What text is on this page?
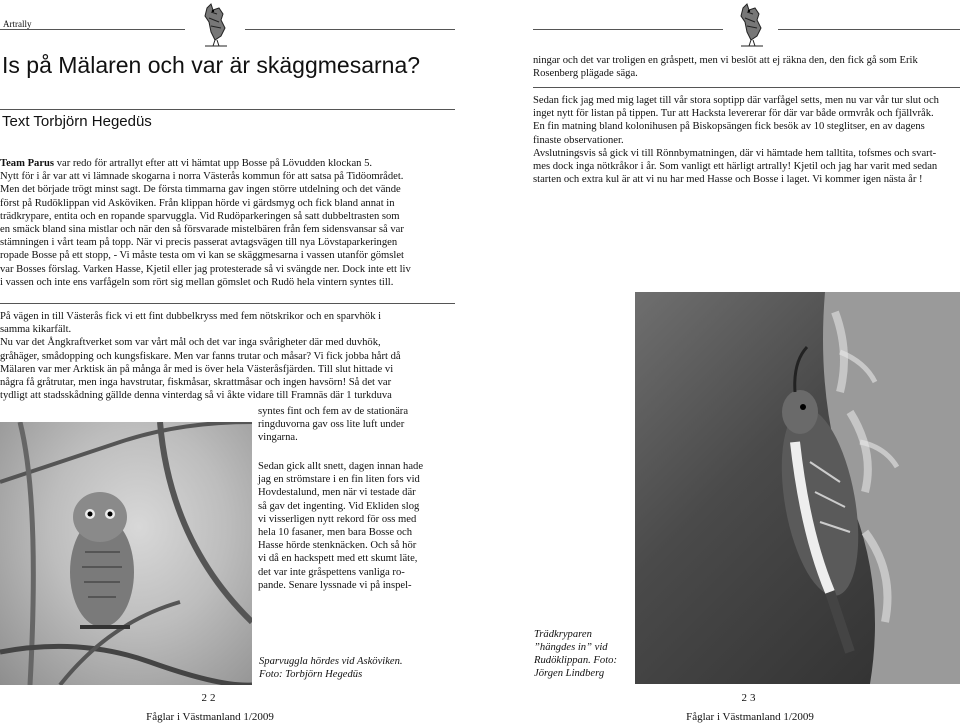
Artrally
Is på Mälaren och var är skäggmesarna?
Text Torbjörn Hegedüs
Team Parus var redo för artrallyt efter att vi hämtat upp Bosse på Lövudden klockan 5.
Nytt för i år var att vi lämnade skogarna i norra Västerås kommun för att satsa på Tidöområdet.
Men det började trögt minst sagt. De första timmarna gav ingen större utdelning och det vände
först på Rudöklippan vid Asköviken. Från klippan hörde vi gärdsmyg och fick bland annat in
trädkrypare, entita och en ropande sparvuggla. Vid Rudöparkeringen så satt dubbeltrasten som
en smäck bland sina mistlar och när den så försvarade mistelbären från fem sidensvansar så var
stämningen i vårt team på topp. När vi precis passerat avtagsvägen till nya Lövstaparkeringen
ropade Bosse på ett stopp, - Vi måste testa om vi kan se skäggmesarna i vassen utanför gömslet
var Bosses förslag. Varken Hasse, Kjetil eller jag protesterade så vi svängde ner. Dock inte ett liv
i vassen och inte ens varfågeln som rört sig mellan gömslet och Rudö hela vintern syntes till.
På vägen in till Västerås fick vi ett fint dubbelkryss med fem nötskrikor och en sparvhök i
samma kikarfält.
Nu var det Ångkraftverket som var vårt mål och det var inga svårigheter där med duvhök,
gråhäger, smådopping och kungsfiskare. Men var fanns trutar och måsar? Vi fick jobba hårt då
Mälaren var mer Arktisk än på många år med is över hela Västeråsfjärden. Till slut hittade vi
några få gråtrutar, men inga havstrutar, fiskmåsar, skrattmåsar och ingen havsörn! Så det var
tydligt att stadsskådning gällde denna vinterdag så vi åkte vidare till Framnäs där 1 turkduva
syntes fint och fem av de stationära
ringduvorna gav oss lite luft under
vingarna.
Sedan gick allt snett, dagen innan hade
jag en strömstare i en fin liten fors vid
Hovdestalund, men när vi testade där
så gav det ingenting. Vid Ekliden slog
vi visserligen nytt rekord för oss med
hela 10 fasaner, men bara Bosse och
Hasse hörde stenknäcken. Och så hör
vi då en hackspett med ett skumt läte,
det var inte gråspettens vanliga ro-
pande. Senare lyssnade vi på inspel-
Sparvuggla hördes vid Asköviken.
Foto: Torbjörn Hegedüs
22
Fåglar i Västmanland 1/2009
ningar och det var troligen en gråspett, men vi beslöt att ej räkna den, den fick gå som Erik
Rosenberg plägade säga.
Sedan fick jag med mig laget till vår stora soptipp där varfågel setts, men nu var vår tur slut och
inget nytt för listan på tippen. Tur att Hacksta levererar för där var både ormvråk och fjällvråk.
En fin matning bland kolonihusen på Biskopsängen fick besök av 10 steglitser, en av dagens
finaste observationer.
Avslutningsvis så gick vi till Rönnbymatningen, där vi hämtade hem talltita, tofsmes och svart-
mes dock inga nötkråkor i år. Som vanligt ett härligt artrally! Kjetil och jag har varit med sedan
starten och extra kul är att vi nu har med Hasse och Bosse i laget. Vi kommer igen nästa år !
Trädkryparen
”hängdes in” vid
Rudöklippan. Foto:
Jörgen Lindberg
23
Fåglar i Västmanland 1/2009
